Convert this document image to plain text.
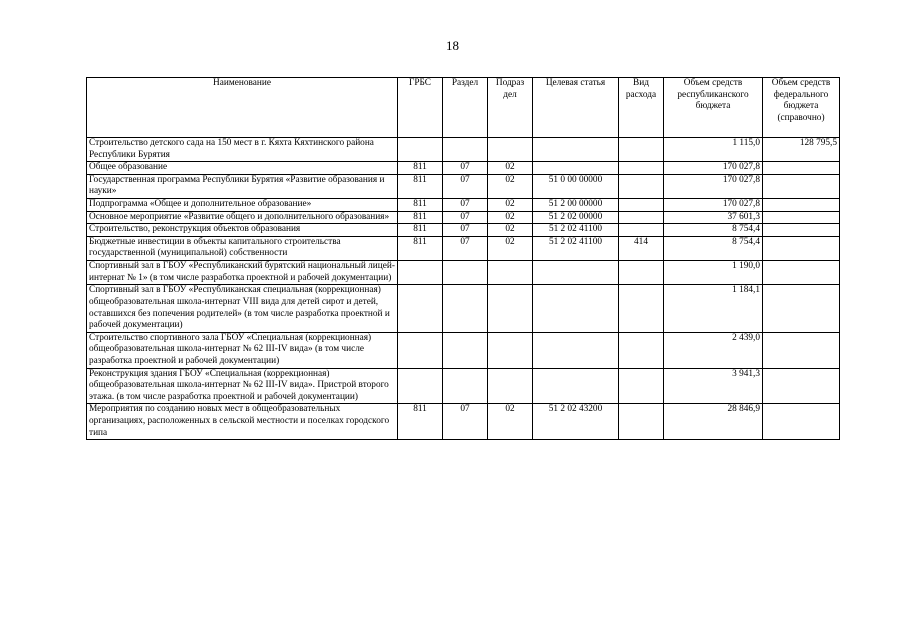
18
Наименование	ГРБС	Раздел	Подраз дел	Целевая статья	Вид расхода	Объем средств республиканского бюджета	Объем средств федерального бюджета (справочно)
Строительство детского сада на 150 мест в г. Кяхта Кяхтинского района Республики Бурятия						1 115,0	128 795,5
Общее образование	811	07	02			170 027,8	
Государственная программа Республики Бурятия «Развитие образования и науки»	811	07	02	51 0 00 00000		170 027,8	
Подпрограмма «Общее и дополнительное образование»	811	07	02	51 2 00 00000		170 027,8	
Основное мероприятие «Развитие общего и дополнительного образования»	811	07	02	51 2 02 00000		37 601,3	
Строительство, реконструкция объектов образования	811	07	02	51 2 02 41100		8 754,4	
Бюджетные инвестиции в объекты капитального строительства государственной (муниципальной) собственности	811	07	02	51 2 02 41100	414	8 754,4	
Спортивный зал в ГБОУ «Республиканский бурятский национальный лицей-интернат № 1» (в том числе разработка проектной и рабочей документации)						1 190,0	
Спортивный зал в ГБОУ «Республиканская специальная (коррекционная) общеобразовательная школа-интернат VIII вида для детей сирот и детей, оставшихся без попечения родителей» (в том числе разработка проектной и рабочей документации)						1 184,1	
Строительство спортивного зала ГБОУ «Специальная (коррекционная) общеобразовательная школа-интернат № 62 III-IV вида» (в том числе разработка проектной и рабочей документации)						2 439,0	
Реконструкция здания ГБОУ «Специальная (коррекционная) общеобразовательная школа-интернат № 62 III-IV вида». Пристрой второго этажа. (в том числе разработка проектной и рабочей документации)						3 941,3	
Мероприятия по созданию новых мест в общеобразовательных организациях, расположенных в сельской местности и поселках городского типа	811	07	02	51 2 02 43200		28 846,9	
